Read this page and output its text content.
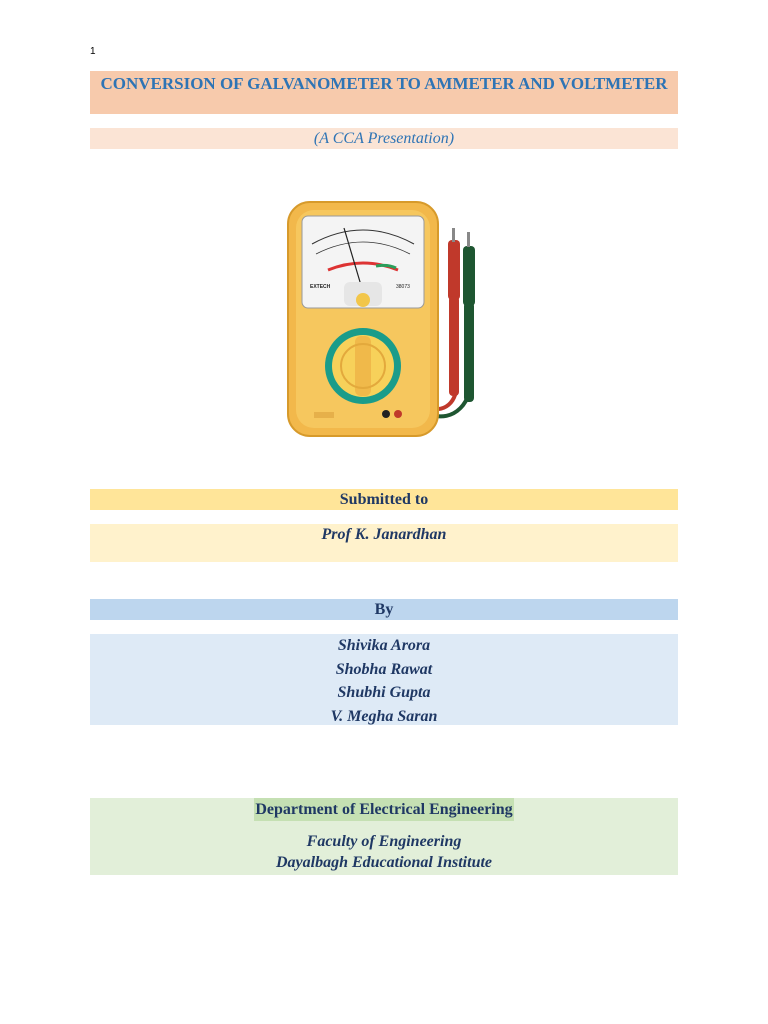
1
CONVERSION OF GALVANOMETER TO AMMETER AND VOLTMETER
(A CCA Presentation)
EXTECH	38073
Submitted to
Prof K. Janardhan
By
Shivika Arora
Shobha Rawat
Shubhi Gupta
V. Megha Saran
Department of Electrical Engineering
Faculty of Engineering
Dayalbagh Educational Institute
